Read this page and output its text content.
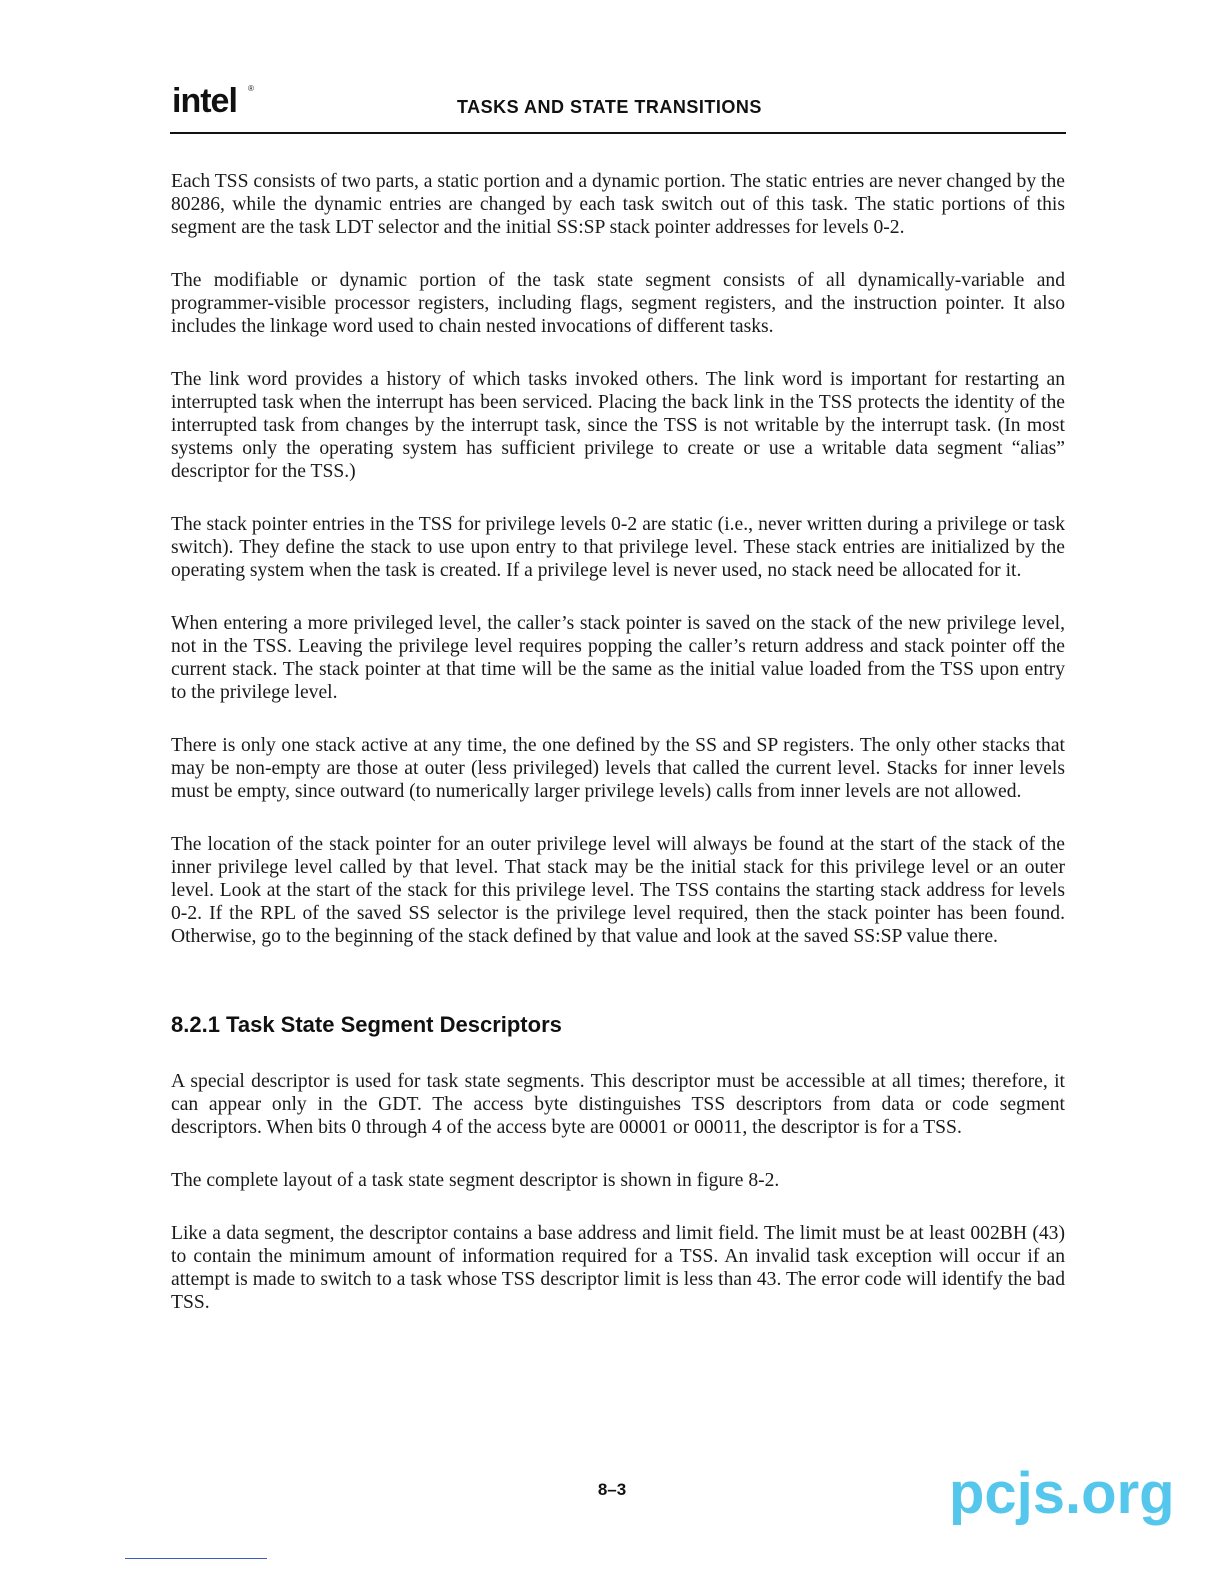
intel ®
TASKS AND STATE TRANSITIONS

Each TSS consists of two parts, a static portion and a dynamic portion. The static entries are never changed by the 80286, while the dynamic entries are changed by each task switch out of this task. The static portions of this segment are the task LDT selector and the initial SS:SP stack pointer addresses for levels 0-2.

The modifiable or dynamic portion of the task state segment consists of all dynamically-variable and programmer-visible processor registers, including flags, segment registers, and the instruction pointer. It also includes the linkage word used to chain nested invocations of different tasks.

The link word provides a history of which tasks invoked others. The link word is important for restarting an interrupted task when the interrupt has been serviced. Placing the back link in the TSS protects the identity of the interrupted task from changes by the interrupt task, since the TSS is not writable by the interrupt task. (In most systems only the operating system has sufficient privilege to create or use a writable data segment “alias” descriptor for the TSS.)

The stack pointer entries in the TSS for privilege levels 0-2 are static (i.e., never written during a privilege or task switch). They define the stack to use upon entry to that privilege level. These stack entries are initialized by the operating system when the task is created. If a privilege level is never used, no stack need be allocated for it.

When entering a more privileged level, the caller’s stack pointer is saved on the stack of the new privilege level, not in the TSS. Leaving the privilege level requires popping the caller’s return address and stack pointer off the current stack. The stack pointer at that time will be the same as the initial value loaded from the TSS upon entry to the privilege level.

There is only one stack active at any time, the one defined by the SS and SP registers. The only other stacks that may be non-empty are those at outer (less privileged) levels that called the current level. Stacks for inner levels must be empty, since outward (to numerically larger privilege levels) calls from inner levels are not allowed.

The location of the stack pointer for an outer privilege level will always be found at the start of the stack of the inner privilege level called by that level. That stack may be the initial stack for this privilege level or an outer level. Look at the start of the stack for this privilege level. The TSS contains the starting stack address for levels 0-2. If the RPL of the saved SS selector is the privilege level required, then the stack pointer has been found. Otherwise, go to the beginning of the stack defined by that value and look at the saved SS:SP value there.

8.2.1 Task State Segment Descriptors

A special descriptor is used for task state segments. This descriptor must be accessible at all times; therefore, it can appear only in the GDT. The access byte distinguishes TSS descriptors from data or code segment descriptors. When bits 0 through 4 of the access byte are 00001 or 00011, the descriptor is for a TSS.

The complete layout of a task state segment descriptor is shown in figure 8-2.

Like a data segment, the descriptor contains a base address and limit field. The limit must be at least 002BH (43) to contain the minimum amount of information required for a TSS. An invalid task exception will occur if an attempt is made to switch to a task whose TSS descriptor limit is less than 43. The error code will identify the bad TSS.

8–3	pcjs.org
